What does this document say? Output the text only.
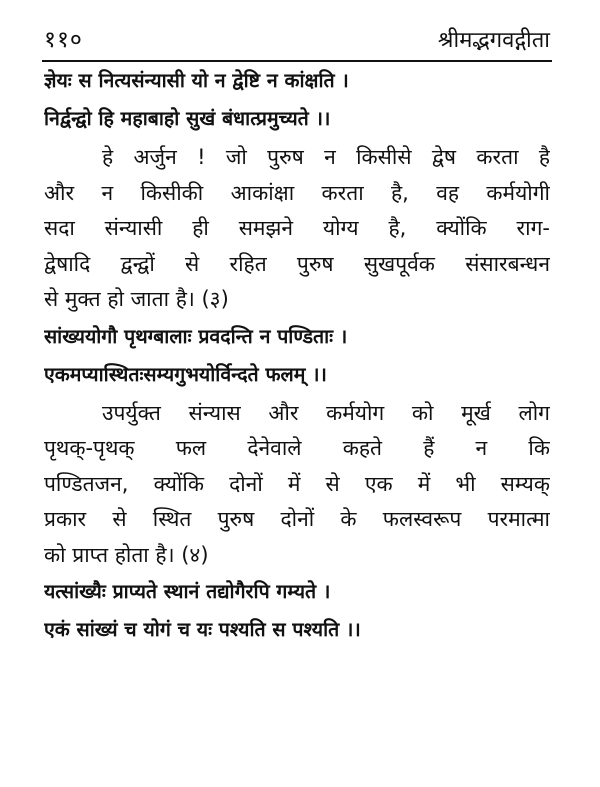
११०	श्रीमद्भगवद्गीता
ज्ञेयः स नित्यसंन्यासी यो न द्वेष्टि न कांक्षति ।
निर्द्वन्द्वो हि महाबाहो सुखं बंधात्प्रमुच्यते ।।
हे अर्जुन ! जो पुरुष न किसीसे द्वेष करता है
और न किसीकी आकांक्षा करता है, वह कर्मयोगी
सदा संन्यासी ही समझने योग्य है, क्योंकि राग-
द्वेषादि द्वन्द्वों से रहित पुरुष सुखपूर्वक संसारबन्धन
से मुक्त हो जाता है। (३)
सांख्ययोगौ पृथग्बालाः प्रवदन्ति न पण्डिताः ।
एकमप्यास्थितःसम्यगुभयोर्विन्दते फलम् ।।
उपर्युक्त संन्यास और कर्मयोग को मूर्ख लोग
पृथक्-पृथक् फल देनेवाले कहते हैं न कि
पण्डितजन, क्योंकि दोनों में से एक में भी सम्यक्
प्रकार से स्थित पुरुष दोनों के फलस्वरूप परमात्मा
को प्राप्त होता है। (४)
यत्सांख्यैः प्राप्यते स्थानं तद्योगैरपि गम्यते ।
एकं सांख्यं च योगं च यः पश्यति स पश्यति ।।
